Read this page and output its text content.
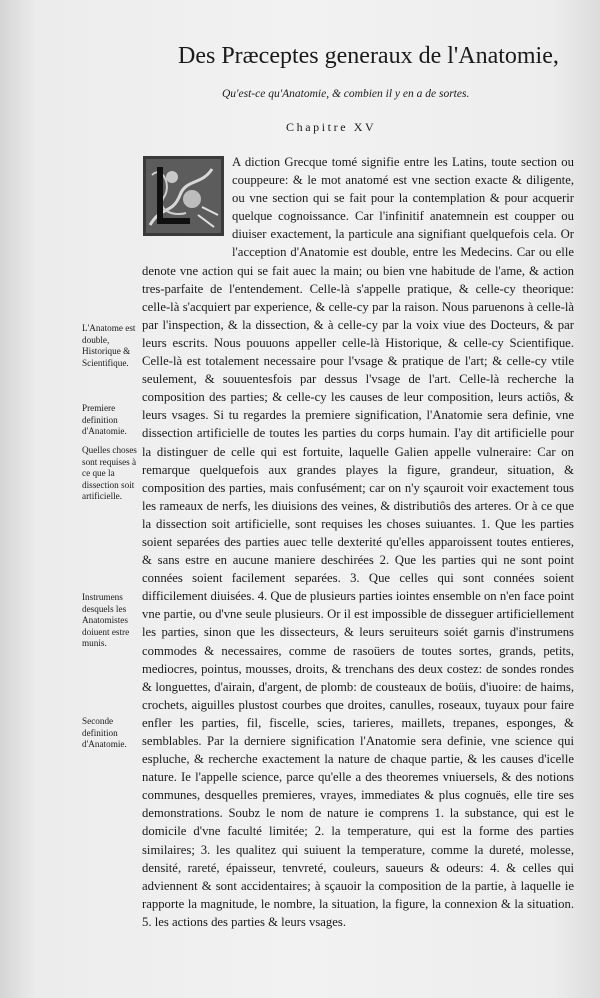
Des Præceptes generaux de l'Anatomie,
Qu'est-ce qu'Anatomie, & combien il y en a de sortes.
Chapitre XV

A diction Grecque tomé signifie entre les Latins, toute section ou couppeure: & le mot anatomé est vne section exacte & diligente, ou vne section qui se fait pour la contemplation & pour acquerir quelque cognoissance. Car l'infinitif anatemnein est coupper ou diuiser exactement, la particule ana signifiant quelquefois cela. Or l'acception d'Anatomie est double, entre les Medecins. Car ou elle denote vne action qui se fait auec la main; ou bien vne habitude de l'ame, & action tres-parfaite de l'entendement. Celle-là s'appelle pratique, & celle-cy theorique: celle-là s'acquiert par experience, & celle-cy par la raison. Nous paruenons à celle-là par l'inspection, & la dissection, & à celle-cy par la voix viue des Docteurs, & par leurs escrits. Nous pouuons appeller celle-là Historique, & celle-cy Scientifique. Celle-là est totalement necessaire pour l'vsage & pratique de l'art; & celle-cy vtile seulement, & souuentesfois par dessus l'vsage de l'art. Celle-là recherche la composition des parties; & celle-cy les causes de leur composition, leurs actiôs, & leurs vsages. Si tu regardes la premiere signification, l'Anatomie sera definie, vne dissection artificielle de toutes les parties du corps humain. I'ay dit artificielle pour la distinguer de celle qui est fortuite, laquelle Galien appelle vulneraire: Car on remarque quelquefois aux grandes playes la figure, grandeur, situation, & composition des parties, mais confusément; car on n'y sçauroit voir exactement tous les rameaux de nerfs, les diuisions des veines, & distributiôs des arteres. Or à ce que la dissection soit artificielle, sont requises les choses suiuantes. 1. Que les parties soient separées des parties auec telle dexterité qu'elles apparoissent toutes entieres, & sans estre en aucune maniere deschirées 2. Que les parties qui ne sont point connées soient facilement separées. 3. Que celles qui sont connées soient difficilement diuisées. 4. Que de plusieurs parties iointes ensemble on n'en face point vne partie, ou d'vne seule plusieurs. Or il est impossible de disseguer artificiellement les parties, sinon que les dissecteurs, & leurs seruiteurs soiét garnis d'instrumens commodes & necessaires, comme de rasoüers de toutes sortes, grands, petits, mediocres, pointus, mousses, droits, & trenchans des deux costez: de sondes rondes & longuettes, d'airain, d'argent, de plomb: de cousteaux de boüis, d'iuoire: de haims, crochets, aiguilles plustost courbes que droites, canulles, roseaux, tuyaux pour faire enfler les parties, fil, fiscelle, scies, tarieres, maillets, trepanes, esponges, & semblables. Par la derniere signification l'Anatomie sera definie, vne science qui espluche, & recherche exactement la nature de chaque partie, & les causes d'icelle nature. Ie l'appelle science, parce qu'elle a des theoremes vniuersels, & des notions communes, desquelles premieres, vrayes, immediates & plus cognuës, elle tire ses demonstrations. Soubz le nom de nature ie comprens 1. la substance, qui est le domicile d'vne faculté limitée; 2. la temperature, qui est la forme des parties similaires; 3. les qualitez qui suiuent la temperature, comme la dureté, molesse, densité, rareté, épaisseur, tenvreté, couleurs, saueurs & odeurs: 4. & celles qui adviennent & sont accidentaires; à sçauoir la composition de la partie, à laquelle ie rapporte la magnitude, le nombre, la situation, la figure, la connexion & la situation. 5. les actions des parties & leurs vsages.

L'Anatome est double, Historique & Scientifique.
Premiere definition d'Anatomie.
Quelles choses sont requises à ce que la dissection soit artificielle.
Instrumens desquels les Anatomistes doiuent estre munis.
Seconde definition d'Anatomie.
